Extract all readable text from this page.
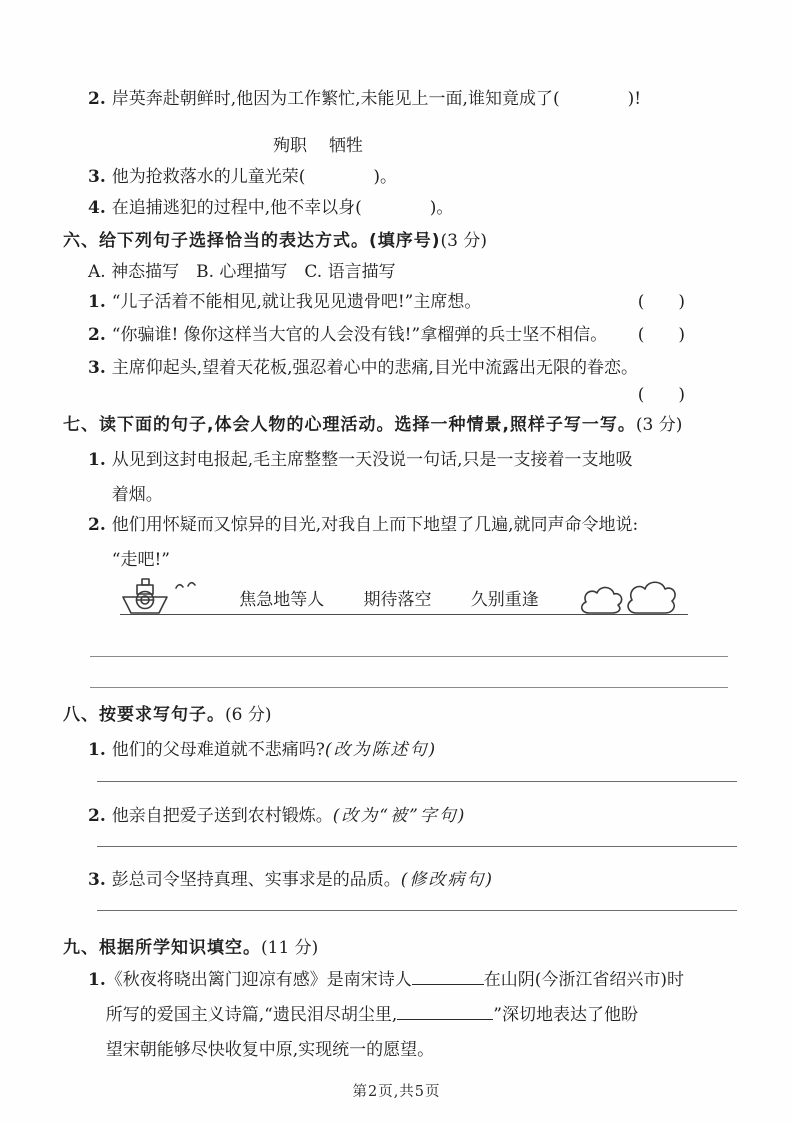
2. 岸英奔赴朝鲜时,他因为工作繁忙,未能见上一面,谁知竟成了(　　　　)!
殉职 牺牲
3. 他为抢救落水的儿童光荣(　　　　)。
4. 在追捕逃犯的过程中,他不幸以身(　　　　)。
六、给下列句子选择恰当的表达方式。(填序号)(3 分)
A. 神态描写　B. 心理描写　C. 语言描写
1. “儿子活着不能相见,就让我见见遗骨吧!”主席想。	(　　)
2. “你骗谁! 像你这样当大官的人会没有钱!”拿榴弹的兵士坚不相信。 (　　)
3. 主席仰起头,望着天花板,强忍着心中的悲痛,目光中流露出无限的眷恋。
(　　)
七、读下面的句子,体会人物的心理活动。选择一种情景,照样子写一写。(3 分)
1. 从见到这封电报起,毛主席整整一天没说一句话,只是一支接着一支地吸
着烟。
2. 他们用怀疑而又惊异的目光,对我自上而下地望了几遍,就同声命令地说:
“走吧!”
焦急地等人 期待落空 久别重逢
八、按要求写句子。(6 分)
1. 他们的父母难道就不悲痛吗?(改为陈述句)
2. 他亲自把爱子送到农村锻炼。(改为“被”字句)
3. 彭总司令坚持真理、实事求是的品质。(修改病句)
九、根据所学知识填空。(11 分)
1. 《秋夜将晓出篱门迎凉有感》是南宋诗人	在山阴(今浙江省绍兴市)时
所写的爱国主义诗篇,“遗民泪尽胡尘里,	”深切地表达了他盼
望宋朝能够尽快收复中原,实现统一的愿望。
第2页,共5页
